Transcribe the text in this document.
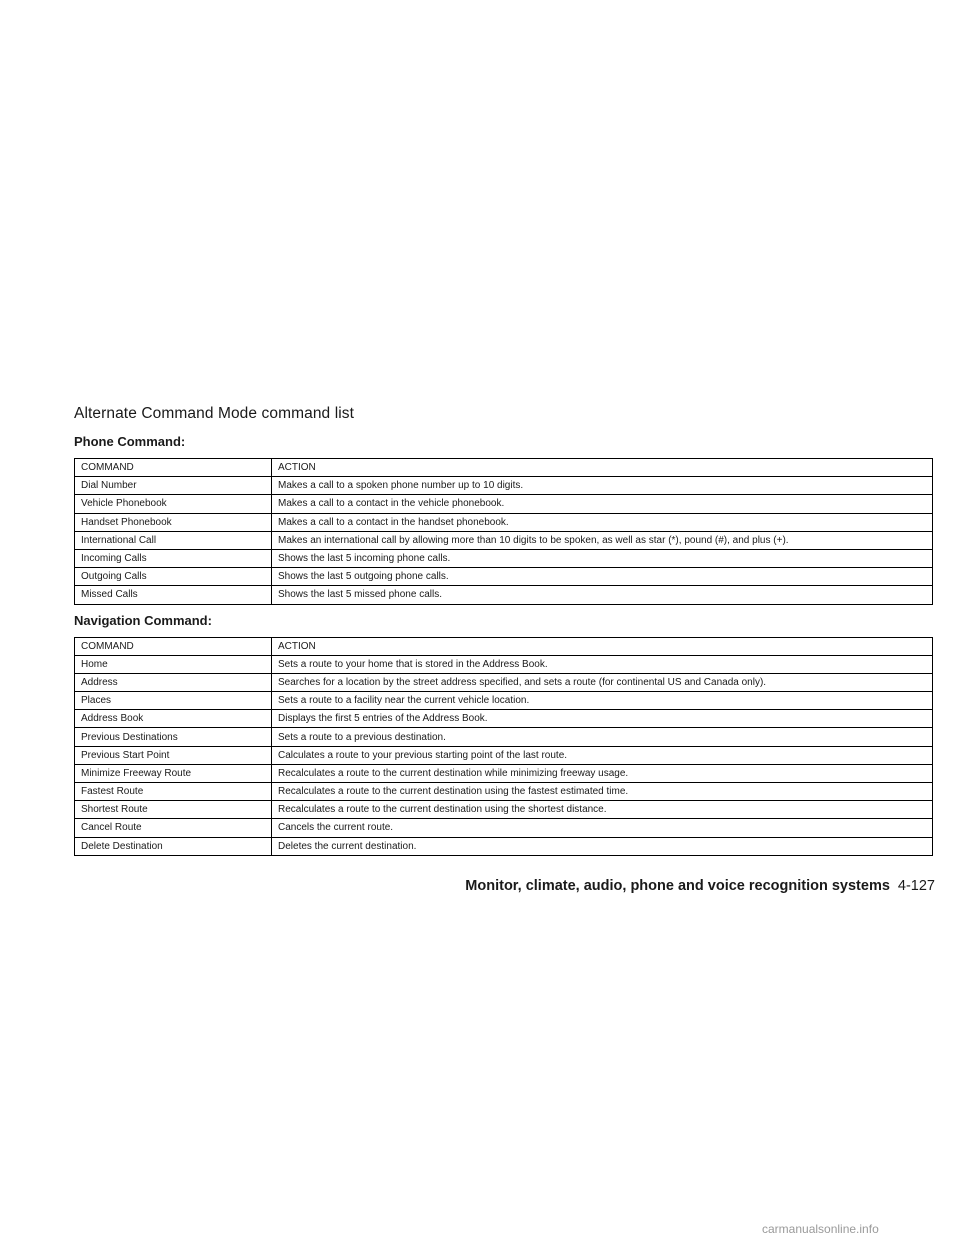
Alternate Command Mode command list
Phone Command:
COMMAND	ACTION
Dial Number	Makes a call to a spoken phone number up to 10 digits.
Vehicle Phonebook	Makes a call to a contact in the vehicle phonebook.
Handset Phonebook	Makes a call to a contact in the handset phonebook.
International Call	Makes an international call by allowing more than 10 digits to be spoken, as well as star (*), pound (#), and plus (+).
Incoming Calls	Shows the last 5 incoming phone calls.
Outgoing Calls	Shows the last 5 outgoing phone calls.
Missed Calls	Shows the last 5 missed phone calls.
Navigation Command:
COMMAND	ACTION
Home	Sets a route to your home that is stored in the Address Book.
Address	Searches for a location by the street address specified, and sets a route (for continental US and Canada only).
Places	Sets a route to a facility near the current vehicle location.
Address Book	Displays the first 5 entries of the Address Book.
Previous Destinations	Sets a route to a previous destination.
Previous Start Point	Calculates a route to your previous starting point of the last route.
Minimize Freeway Route	Recalculates a route to the current destination while minimizing freeway usage.
Fastest Route	Recalculates a route to the current destination using the fastest estimated time.
Shortest Route	Recalculates a route to the current destination using the shortest distance.
Cancel Route	Cancels the current route.
Delete Destination	Deletes the current destination.
Monitor, climate, audio, phone and voice recognition systems 4-127
carmanualsonline.info
